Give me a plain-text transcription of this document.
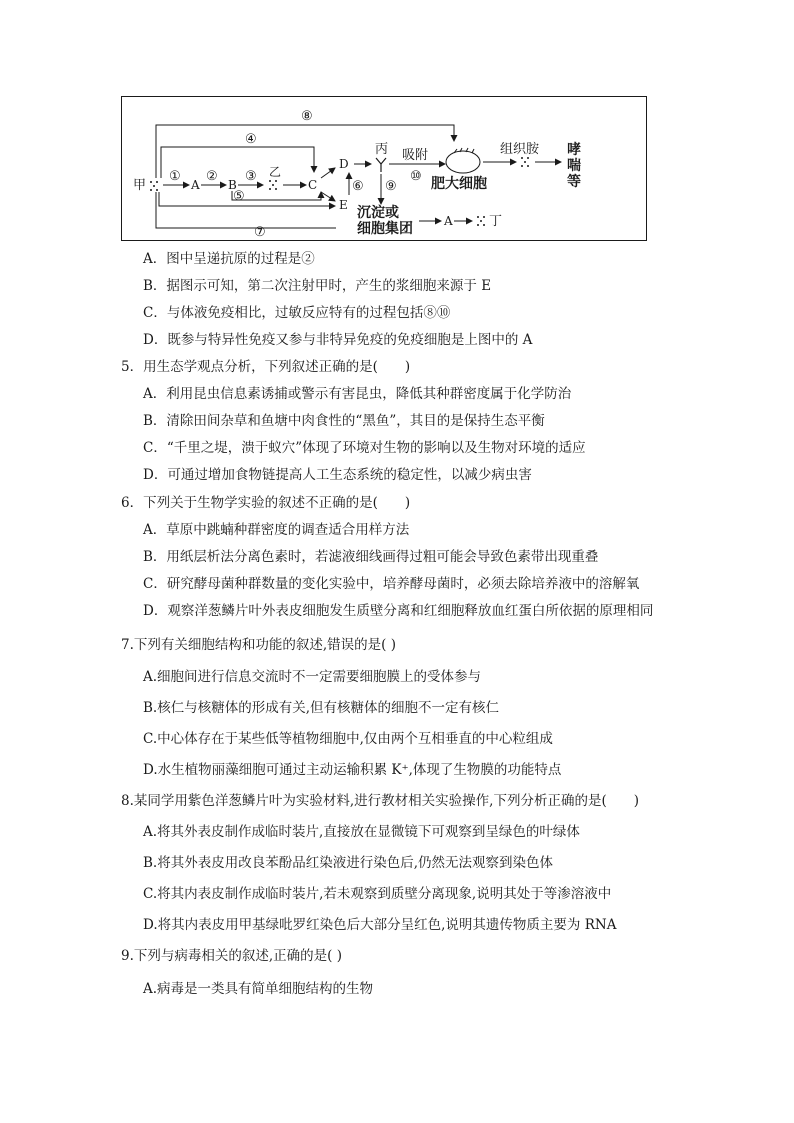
甲	A B
乙
C
D
E
丙 吸附
肥大细胞
组织胺 哮
喘
等
沉淀或
细胞集团	A	丁
⑧
④
① ② ③
⑤
⑥
⑦
⑨
⑩
A．图中呈递抗原的过程是②
B．据图示可知，第二次注射甲时，产生的浆细胞来源于 E
C．与体液免疫相比，过敏反应特有的过程包括⑧⑩
D．既参与特异性免疫又参与非特异免疫的免疫细胞是上图中的 A
5．用生态学观点分析，下列叙述正确的是(　　)
A．利用昆虫信息素诱捕或警示有害昆虫，降低其种群密度属于化学防治
B．清除田间杂草和鱼塘中肉食性的“黑鱼”，其目的是保持生态平衡
C．“千里之堤，溃于蚁穴”体现了环境对生物的影响以及生物对环境的适应
D．可通过增加食物链提高人工生态系统的稳定性，以减少病虫害
6．下列关于生物学实验的叙述不正确的是(　　)
A．草原中跳蝻种群密度的调查适合用样方法
B．用纸层析法分离色素时，若滤液细线画得过粗可能会导致色素带出现重叠
C．研究酵母菌种群数量的变化实验中，培养酵母菌时，必须去除培养液中的溶解氧
D．观察洋葱鳞片叶外表皮细胞发生质壁分离和红细胞释放血红蛋白所依据的原理相同
7.下列有关细胞结构和功能的叙述,错误的是( )
A.细胞间进行信息交流时不一定需要细胞膜上的受体参与
B.核仁与核糖体的形成有关,但有核糖体的细胞不一定有核仁
C.中心体存在于某些低等植物细胞中,仅由两个互相垂直的中心粒组成
D.水生植物丽藻细胞可通过主动运输积累 K⁺,体现了生物膜的功能特点
8.某同学用紫色洋葱鳞片叶为实验材料,进行教材相关实验操作,下列分析正确的是(　　)
A.将其外表皮制作成临时装片,直接放在显微镜下可观察到呈绿色的叶绿体
B.将其外表皮用改良苯酚品红染液进行染色后,仍然无法观察到染色体
C.将其内表皮制作成临时装片,若未观察到质壁分离现象,说明其处于等渗溶液中
D.将其内表皮用甲基绿吡罗红染色后大部分呈红色,说明其遗传物质主要为 RNA
9.下列与病毒相关的叙述,正确的是( )
A.病毒是一类具有简单细胞结构的生物
